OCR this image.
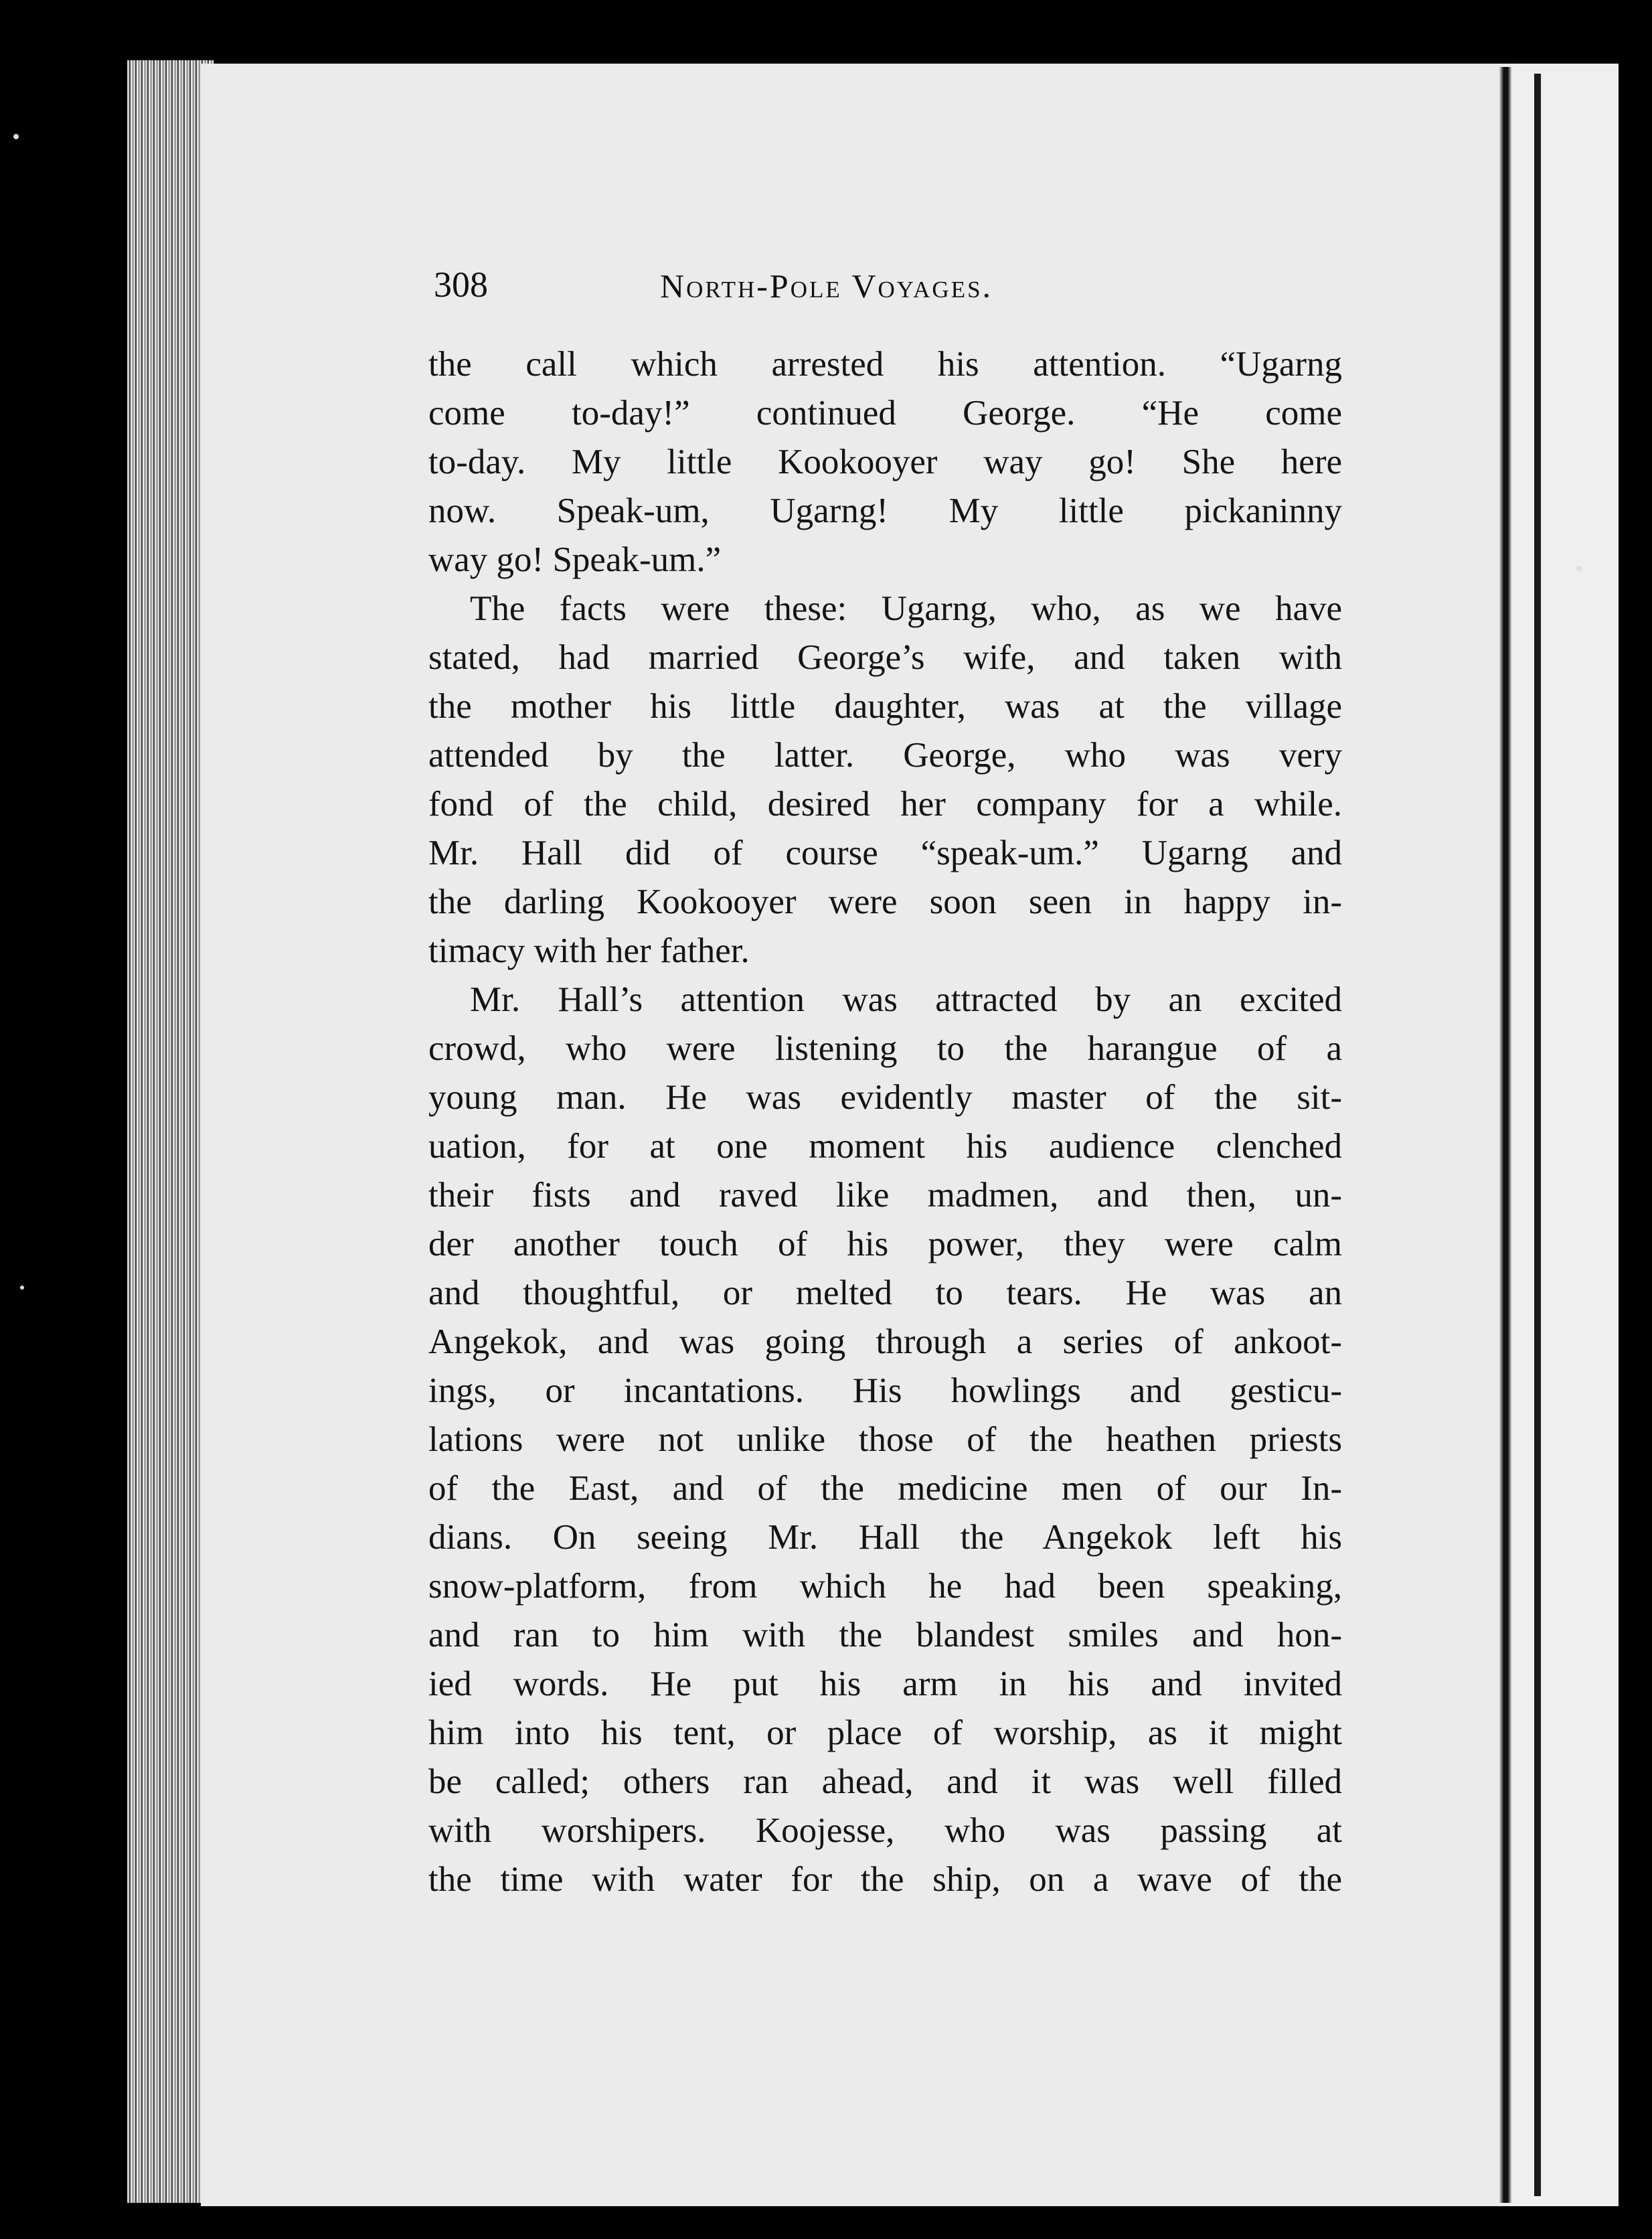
308	North-Pole Voyages.
the call which arrested his attention. “Ugarng
come to-day!” continued George. “He come
to-day. My little Kookooyer way go! She here
now. Speak-um, Ugarng! My little pickaninny
way go! Speak-um.”
The facts were these: Ugarng, who, as we have
stated, had married George’s wife, and taken with
the mother his little daughter, was at the village
attended by the latter. George, who was very
fond of the child, desired her company for a while.
Mr. Hall did of course “speak-um.” Ugarng and
the darling Kookooyer were soon seen in happy in-
timacy with her father.
Mr. Hall’s attention was attracted by an excited
crowd, who were listening to the harangue of a
young man. He was evidently master of the sit-
uation, for at one moment his audience clenched
their fists and raved like madmen, and then, un-
der another touch of his power, they were calm
and thoughtful, or melted to tears. He was an
Angekok, and was going through a series of ankoot-
ings, or incantations. His howlings and gesticu-
lations were not unlike those of the heathen priests
of the East, and of the medicine men of our In-
dians. On seeing Mr. Hall the Angekok left his
snow-platform, from which he had been speaking,
and ran to him with the blandest smiles and hon-
ied words. He put his arm in his and invited
him into his tent, or place of worship, as it might
be called; others ran ahead, and it was well filled
with worshipers. Koojesse, who was passing at
the time with water for the ship, on a wave of the
